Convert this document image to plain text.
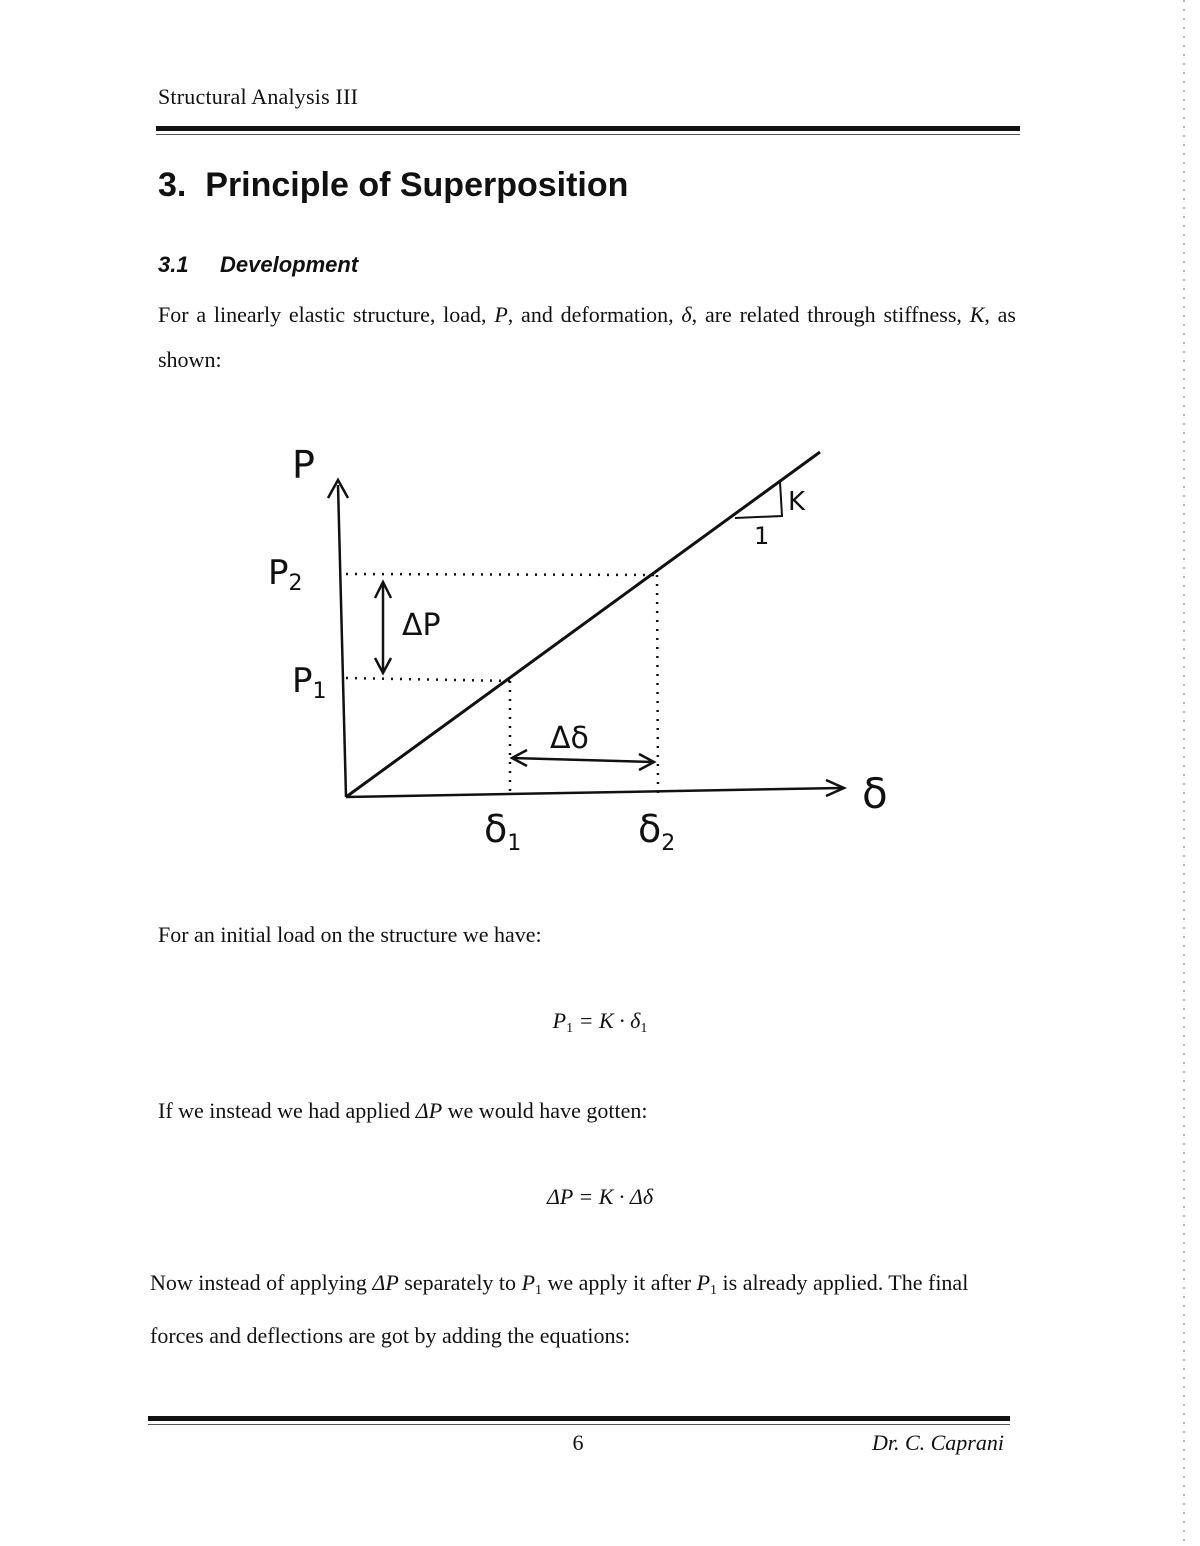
Structural Analysis III
3. Principle of Superposition
3.1 Development

For a linearly elastic structure, load, P, and deformation, δ, are related through stiffness, K, as shown:

P
δ
P2
P1
ΔP
Δδ
$\delta_1$	$\delta_2$
1
K

For an initial load on the structure we have:

$P_1 = K \cdot \delta_1$

If we instead we had applied ΔP we would have gotten:

ΔP = K · Δδ

Now instead of applying ΔP separately to $P_1$ we apply it after $P_1$ is already applied. The final forces and deflections are got by adding the equations:

6	Dr. C. Caprani
